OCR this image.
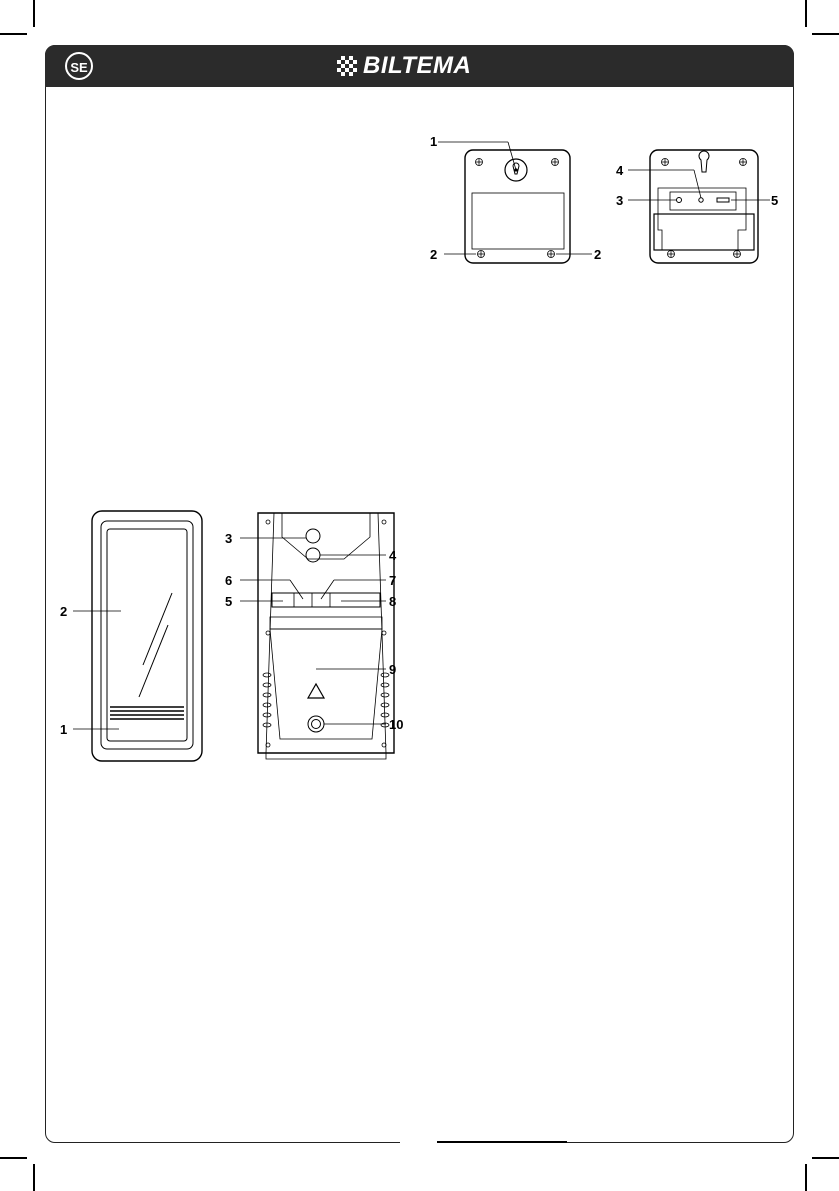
SE	BILTEMA
1
2	2
4
3	5
2
1
3
4
6	7
5	8
9
10
